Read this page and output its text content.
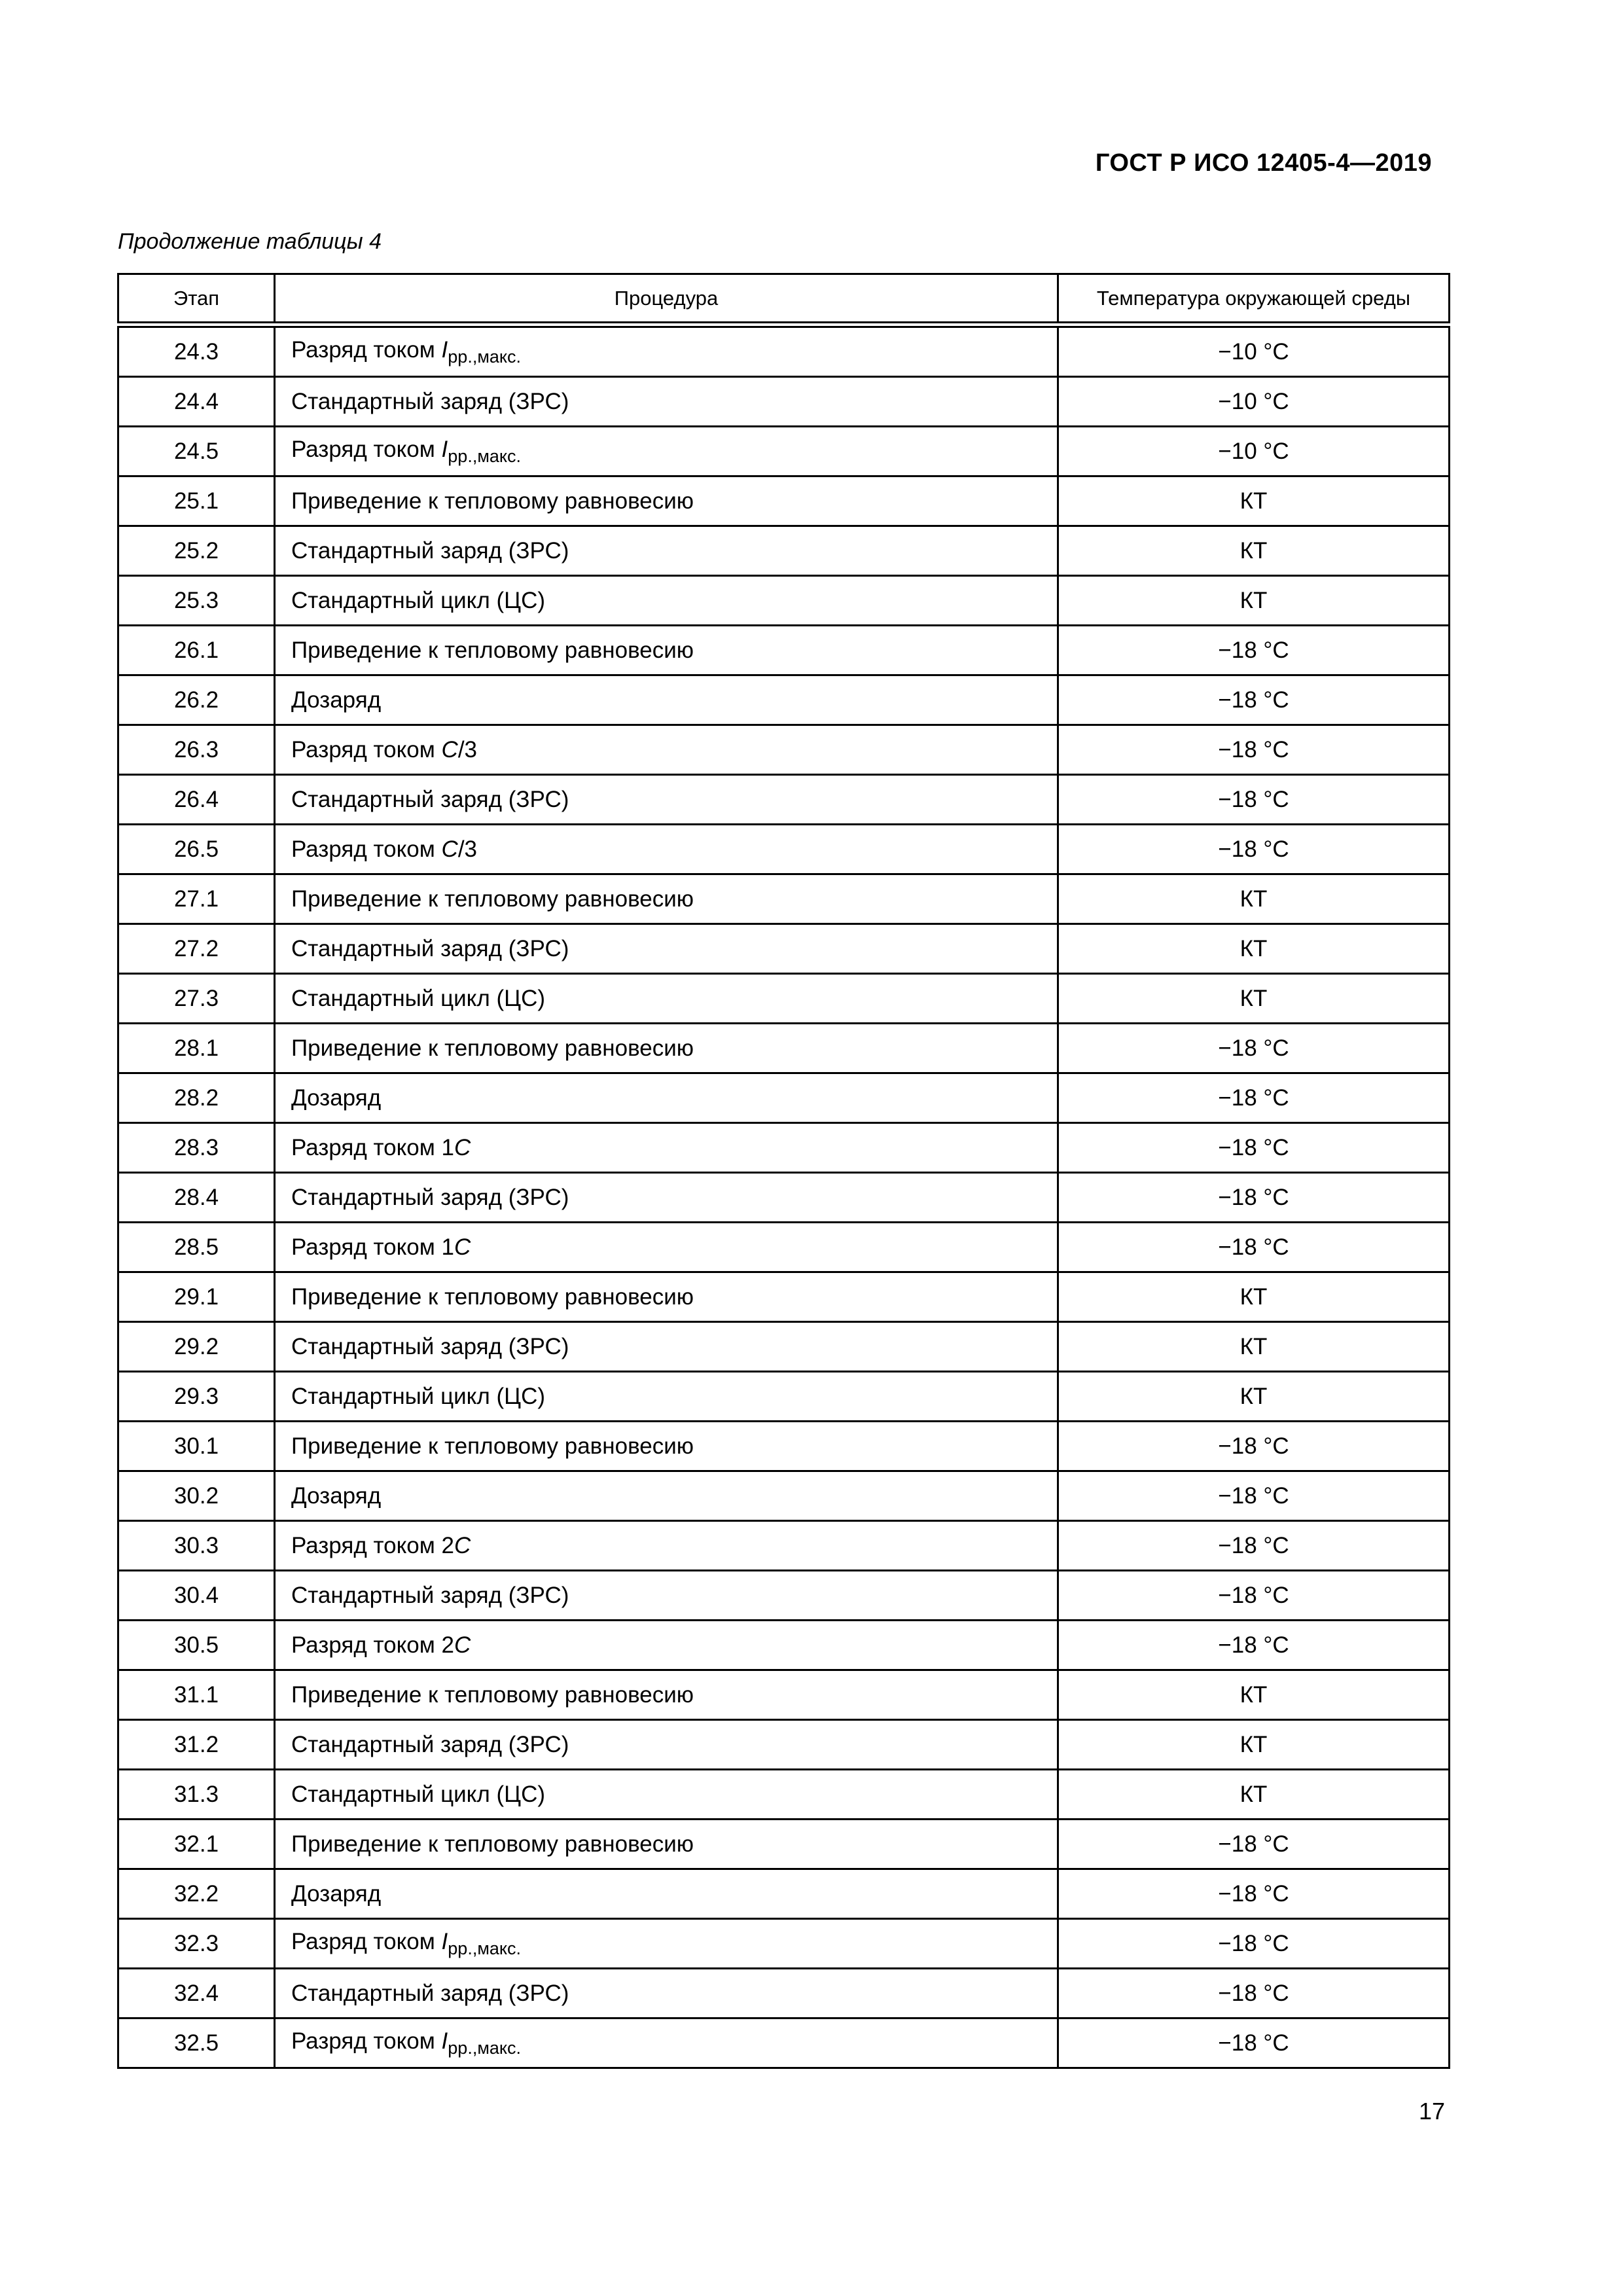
ГОСТ Р ИСО 12405-4—2019
Продолжение таблицы 4
Этап	Процедура	Температура окружающей среды
24.3	Разряд током $I_{рр.,макс.}$	−10 °C
24.4	Стандартный заряд (ЗРС)	−10 °C
24.5	Разряд током $I_{рр.,макс.}$	−10 °C
25.1	Приведение к тепловому равновесию	КТ
25.2	Стандартный заряд (ЗРС)	КТ
25.3	Стандартный цикл (ЦС)	КТ
26.1	Приведение к тепловому равновесию	−18 °C
26.2	Дозаряд	−18 °C
26.3	Разряд током C/3	−18 °C
26.4	Стандартный заряд (ЗРС)	−18 °C
26.5	Разряд током C/3	−18 °C
27.1	Приведение к тепловому равновесию	КТ
27.2	Стандартный заряд (ЗРС)	КТ
27.3	Стандартный цикл (ЦС)	КТ
28.1	Приведение к тепловому равновесию	−18 °C
28.2	Дозаряд	−18 °C
28.3	Разряд током 1C	−18 °C
28.4	Стандартный заряд (ЗРС)	−18 °C
28.5	Разряд током 1C	−18 °C
29.1	Приведение к тепловому равновесию	КТ
29.2	Стандартный заряд (ЗРС)	КТ
29.3	Стандартный цикл (ЦС)	КТ
30.1	Приведение к тепловому равновесию	−18 °C
30.2	Дозаряд	−18 °C
30.3	Разряд током 2C	−18 °C
30.4	Стандартный заряд (ЗРС)	−18 °C
30.5	Разряд током 2C	−18 °C
31.1	Приведение к тепловому равновесию	КТ
31.2	Стандартный заряд (ЗРС)	КТ
31.3	Стандартный цикл (ЦС)	КТ
32.1	Приведение к тепловому равновесию	−18 °C
32.2	Дозаряд	−18 °C
32.3	Разряд током $I_{рр.,макс.}$	−18 °C
32.4	Стандартный заряд (ЗРС)	−18 °C
32.5	Разряд током $I_{рр.,макс.}$	−18 °C
17
